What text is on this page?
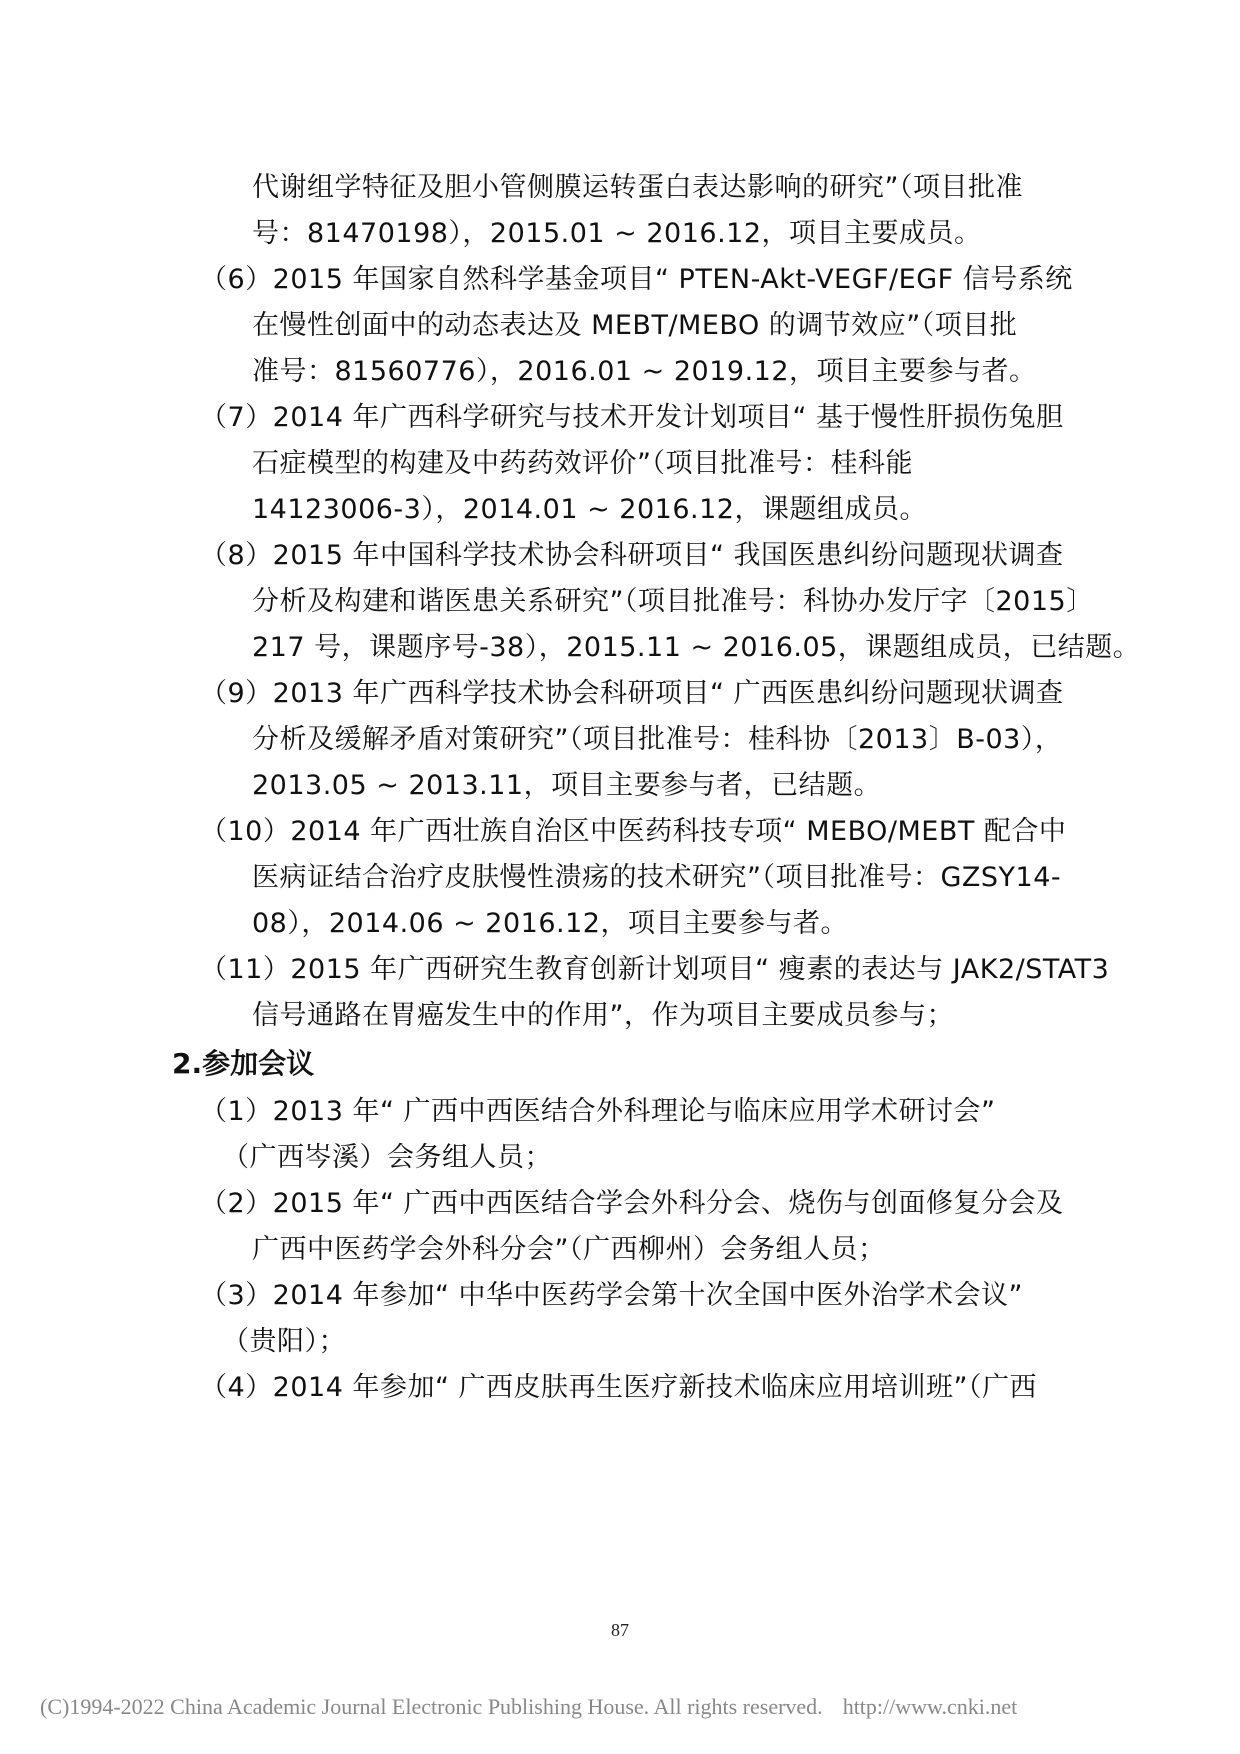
代谢组学特征及胆小管侧膜运转蛋白表达影响的研究”（项目批准
号：81470198），2015.01 ~ 2016.12，项目主要成员。
（6）2015 年国家自然科学基金项目“ PTEN-Akt-VEGF/EGF 信号系统
在慢性创面中的动态表达及 MEBT/MEBO 的调节效应”（项目批
准号：81560776），2016.01 ~ 2019.12，项目主要参与者。
（7）2014 年广西科学研究与技术开发计划项目“ 基于慢性肝损伤兔胆
石症模型的构建及中药药效评价”（项目批准号：桂科能
14123006-3），2014.01 ~ 2016.12，课题组成员。
（8）2015 年中国科学技术协会科研项目“ 我国医患纠纷问题现状调查
分析及构建和谐医患关系研究”（项目批准号：科协办发厅字〔2015〕
217 号，课题序号-38），2015.11 ~ 2016.05，课题组成员，已结题。
（9）2013 年广西科学技术协会科研项目“ 广西医患纠纷问题现状调查
分析及缓解矛盾对策研究”（项目批准号：桂科协〔2013〕B-03），
2013.05 ~ 2013.11，项目主要参与者，已结题。
（10）2014 年广西壮族自治区中医药科技专项“ MEBO/MEBT 配合中
医病证结合治疗皮肤慢性溃疡的技术研究”（项目批准号：GZSY14-
08），2014.06 ~ 2016.12，项目主要参与者。
（11）2015 年广西研究生教育创新计划项目“ 瘦素的表达与 JAK2/STAT3
信号通路在胃癌发生中的作用”，作为项目主要成员参与；
2.参加会议
（1）2013 年“ 广西中西医结合外科理论与临床应用学术研讨会”
（广西岑溪）会务组人员；
（2）2015 年“ 广西中西医结合学会外科分会、烧伤与创面修复分会及
广西中医药学会外科分会”（广西柳州）会务组人员；
（3）2014 年参加“ 中华中医药学会第十次全国中医外治学术会议”
（贵阳）；
（4）2014 年参加“ 广西皮肤再生医疗新技术临床应用培训班”（广西
87
(C)1994-2022 China Academic Journal Electronic Publishing House. All rights reserved. http://www.cnki.net
